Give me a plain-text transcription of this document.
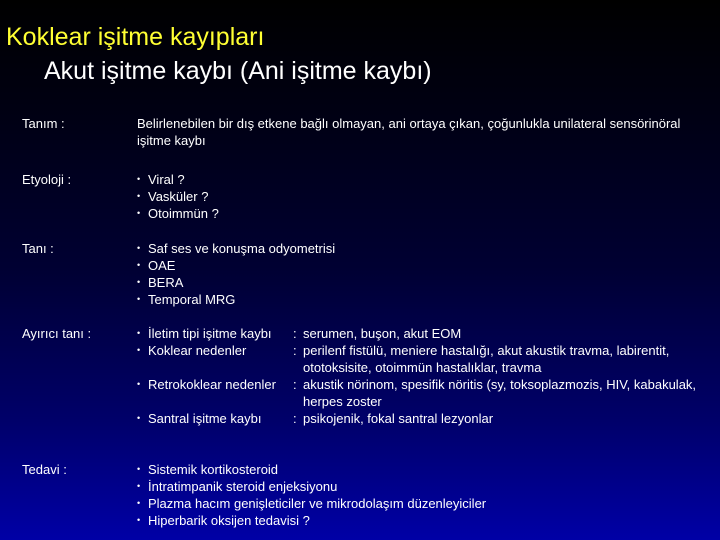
Koklear işitme kayıpları
Akut işitme kaybı (Ani işitme kaybı)
Tanım :	Belirlenebilen bir dış etkene bağlı olmayan, ani ortaya çıkan, çoğunlukla unilateral sensörinöral işitme kaybı
Etyoloji :	• Viral ?
• Vasküler ?
• Otoimmün ?
Tanı :	• Saf ses ve konuşma odyometrisi
• OAE
• BERA
• Temporal MRG
Ayırıcı tanı :	• İletim tipi işitme kaybı	: serumen, buşon, akut EOM
• Koklear nedenler	: perilenf fistülü, meniere hastalığı, akut akustik travma, labirentit, ototoksisite, otoimmün hastalıklar, travma
• Retrokoklear nedenler	: akustik nörinom, spesifik nöritis (sy, toksoplazmozis, HIV, kabakulak, herpes zoster
• Santral işitme kaybı	: psikojenik, fokal santral lezyonlar
Tedavi :	• Sistemik kortikosteroid
• İntratimpanik steroid enjeksiyonu
• Plazma hacım genişleticiler ve mikrodolaşım düzenleyiciler
• Hiperbarik oksijen tedavisi ?
